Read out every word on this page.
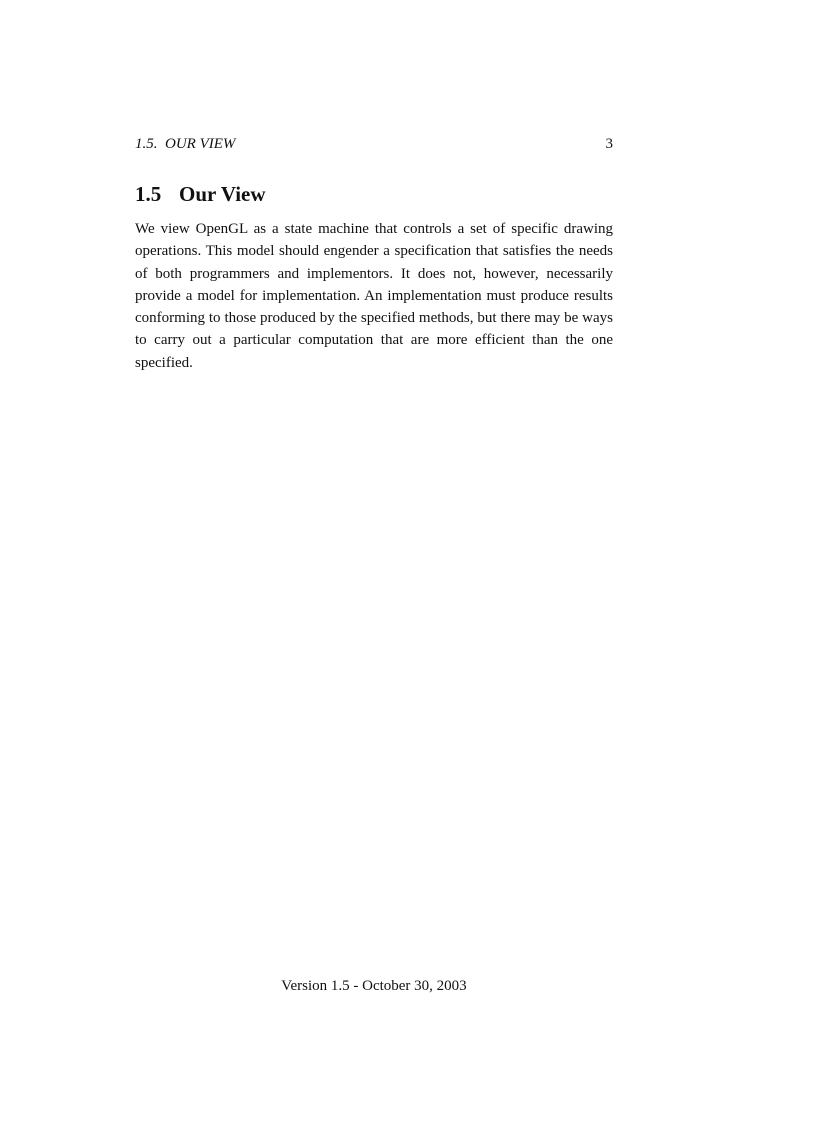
1.5.  OUR VIEW	3
1.5 Our View

We view OpenGL as a state machine that controls a set of specific drawing operations. This model should engender a specification that satisfies the needs of both programmers and implementors. It does not, however, necessarily provide a model for implementation. An implementation must produce results conforming to those produced by the specified methods, but there may be ways to carry out a particular computation that are more efficient than the one specified.

Version 1.5 - October 30, 2003
